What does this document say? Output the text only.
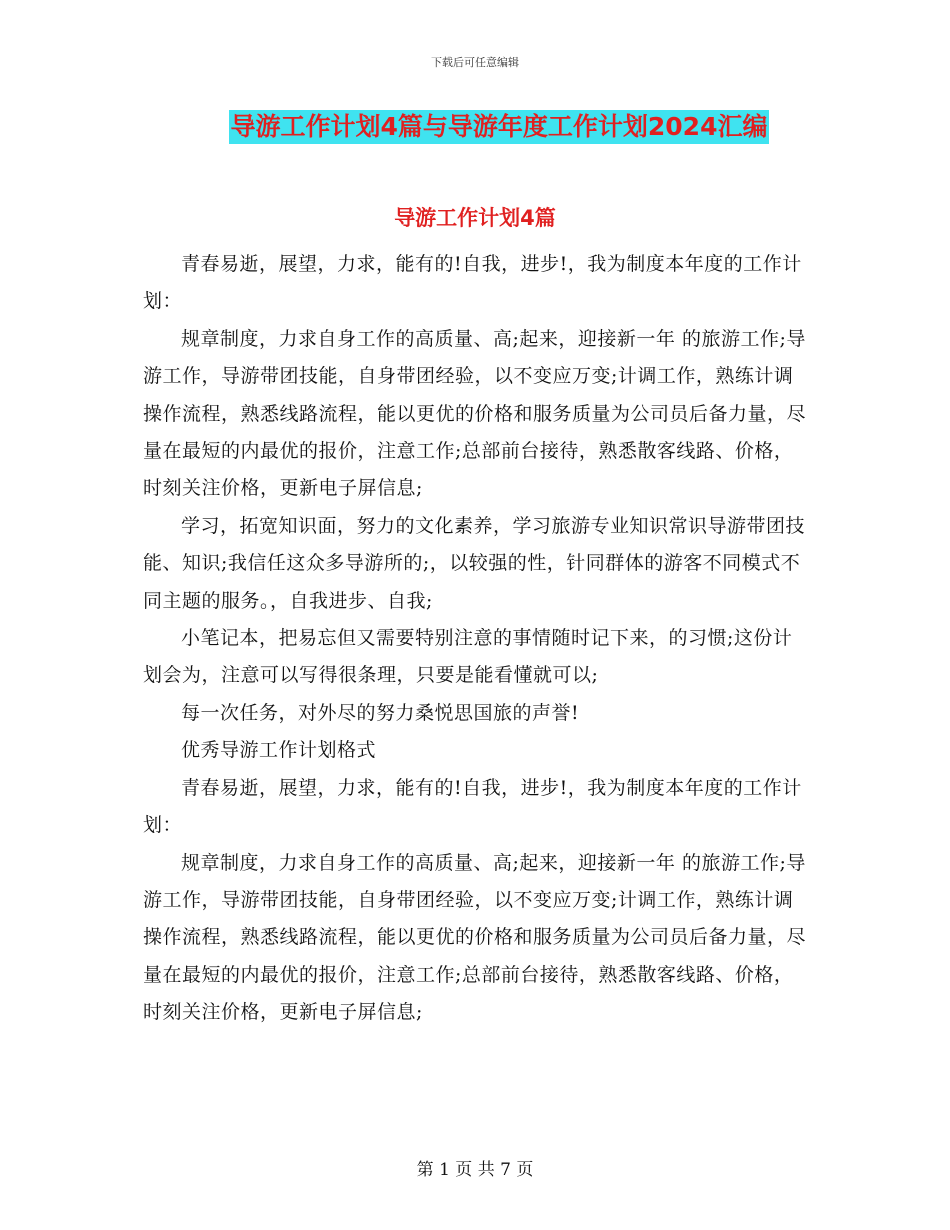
下载后可任意编辑
导游工作计划4篇与导游年度工作计划2024汇编
导游工作计划4篇

青春易逝，展望，力求，能有的!自我，进步!，我为制度本年度的工作计划：

规章制度，力求自身工作的高质量、高;起来，迎接新一年 的旅游工作;导游工作，导游带团技能，自身带团经验，以不变应万变;计调工作，熟练计调操作流程，熟悉线路流程，能以更优的价格和服务质量为公司员后备力量，尽量在最短的内最优的报价，注意工作;总部前台接待，熟悉散客线路、价格，时刻关注价格，更新电子屏信息;

学习，拓宽知识面，努力的文化素养，学习旅游专业知识常识导游带团技能、知识;我信任这众多导游所的;，以较强的性，针同群体的游客不同模式不同主题的服务。，自我进步、自我;

小笔记本，把易忘但又需要特别注意的事情随时记下来，的习惯;这份计划会为，注意可以写得很条理，只要是能看懂就可以;

每一次任务，对外尽的努力桑悦思国旅的声誉!

优秀导游工作计划格式

青春易逝，展望，力求，能有的!自我，进步!，我为制度本年度的工作计划：

规章制度，力求自身工作的高质量、高;起来，迎接新一年 的旅游工作;导游工作，导游带团技能，自身带团经验，以不变应万变;计调工作，熟练计调操作流程，熟悉线路流程，能以更优的价格和服务质量为公司员后备力量，尽量在最短的内最优的报价，注意工作;总部前台接待，熟悉散客线路、价格，时刻关注价格，更新电子屏信息;

第 1 页 共 7 页
